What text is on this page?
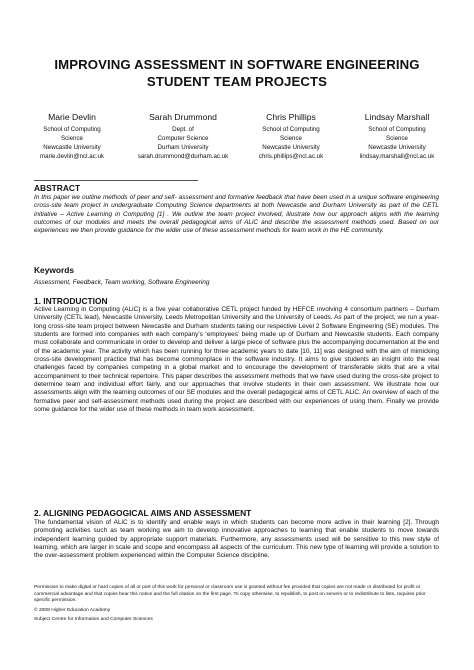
IMPROVING ASSESSMENT IN SOFTWARE ENGINEERING STUDENT TEAM PROJECTS
Marie Devlin
School of Computing
Science
Newcastle University
marie.devlin@ncl.ac.uk
Sarah Drummond
Dept. of
Computer Science
Durham University
sarah.drummond@durham.ac.uk
Chris Phillips
School of Computing
Science
Newcastle University
chris.phillips@ncl.ac.uk
Lindsay Marshall
School of Computing
Science
Newcastle University
lindsay.marshall@ncl.ac.uk
ABSTRACT
In this paper we outline methods of peer and self- assessment and formative feedback that have been used in a unique software engineering cross-site team project in undergraduate Computing Science departments at both Newcastle and Durham University as part of the CETL initiative – Active Learning in Computing [1] . We outline the team project involved, illustrate how our approach aligns with the learning outcomes of our modules and meets the overall pedagogical aims of ALiC and describe the assessment methods used. Based on our experiences we then provide guidance for the wider use of these assessment methods for team work in the HE community.
Keywords
Assessment, Feedback, Team working, Software Engineering
1. INTRODUCTION
Active Learning in Computing (ALiC) is a five year collaborative CETL project funded by HEFCE involving 4 consortium partners – Durham University (CETL lead), Newcastle University, Leeds Metropolitan University and the University of Leeds. As part of the project, we run a year-long cross-site team project between Newcastle and Durham students taking our respective Level 2 Software Engineering (SE) modules. The students are formed into companies with each company’s ‘employees’ being made up of Durham and Newcastle students. Each company must collaborate and communicate in order to develop and deliver a large piece of software plus the accompanying documentation at the end of the academic year. The activity which has been running for three academic years to date [10, 11] was designed with the aim of mimicking cross-site development practice that has become commonplace in the software industry. It aims to give students an insight into the real challenges faced by companies competing in a global market and to encourage the development of transferable skills that are a vital accompaniment to their technical repertoire. This paper describes the assessment methods that we have used during the cross-site project to determine team and individual effort fairly, and our approaches that involve students in their own assessment. We illustrate how our assessments align with the learning outcomes of our SE modules and the overall pedagogical aims of CETL ALiC. An overview of each of the formative peer and self-assessment methods used during the project are described with our experiences of using them. Finally we provide some guidance for the wider use of these methods in team work assessment.
2. ALIGNING PEDAGOGICAL AIMS AND ASSESSMENT
The fundamental vision of ALiC is to identify and enable ways in which students can become more active in their learning [2]. Through promoting activities such as team working we aim to develop innovative approaches to learning that enable students to move towards independent learning guided by appropriate support materials. Furthermore, any assessments used will be sensitive to this new style of learning, which are larger in scale and scope and encompass all aspects of the curriculum. This new type of learning will provide a solution to the over-assessment problem experienced within the Computer Science discipline.
Permission to make digital or hard copies of all or part of this work for personal or classroom use is granted without fee provided that copies are not made or distributed for profit or commercial advantage and that copies bear this notice and the full citation on the first page. To copy otherwise, to republish, to post on servers or to redistribute to lists, requires prior specific permission.
© 2008 Higher Education Academy
Subject Centre for Information and Computer Sciences
